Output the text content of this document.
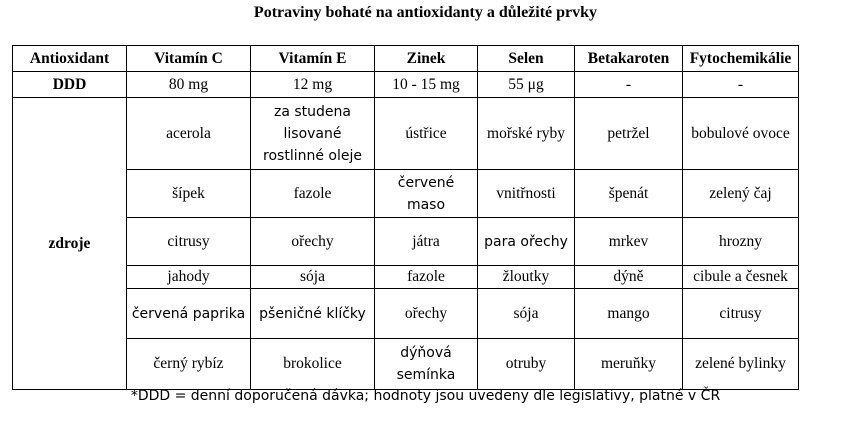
Potraviny bohaté na antioxidanty a důležité prvky
Antioxidant	Vitamín C	Vitamín E	Zinek	Selen	Betakaroten	Fytochemikálie
DDD	80 mg	12 mg	10 - 15 mg	55 μg	-	-
zdroje	acerola	za studena lisované rostlinné oleje	ústřice	mořské ryby	petržel	bobulové ovoce
	šípek	fazole	červené maso	vnitřnosti	špenát	zelený čaj
	citrusy	ořechy	játra	para ořechy	mrkev	hrozny
	jahody	sója	fazole	žloutky	dýně	cibule a česnek
	červená paprika	pšeničné klíčky	ořechy	sója	mango	citrusy
	černý rybíz	brokolice	dýňová semínka	otruby	meruňky	zelené bylinky
*DDD = denní doporučená dávka; hodnoty jsou uvedeny dle legislativy, platné v ČR
